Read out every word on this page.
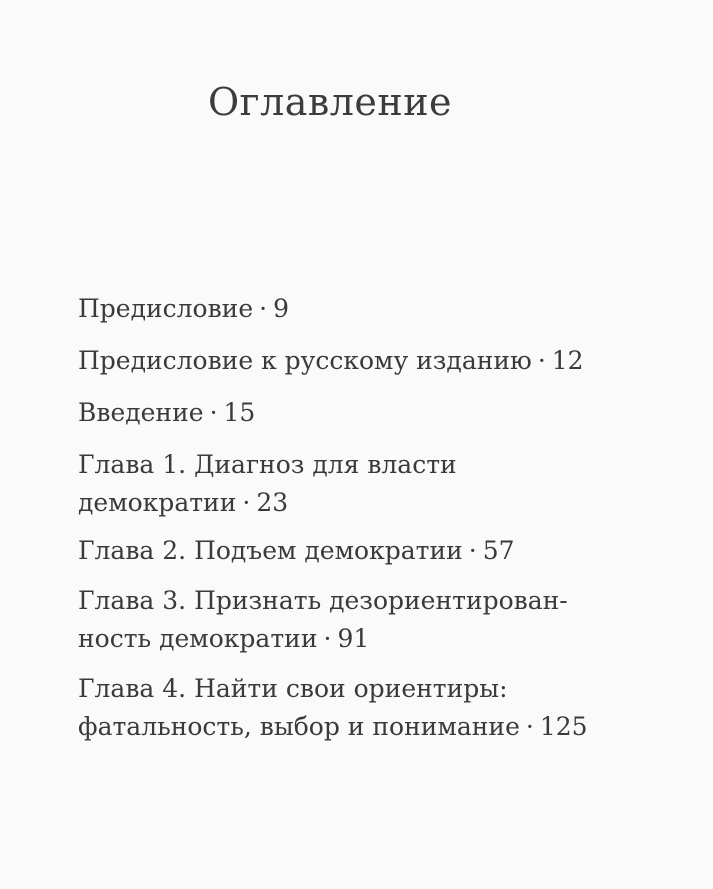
Оглавление
Предисловие · 9
Предисловие к русскому изданию · 12
Введение · 15
Глава 1. Диагноз для власти
демократии · 23
Глава 2. Подъем демократии · 57
Глава 3. Признать дезориентирован-
ность демократии · 91
Глава 4. Найти свои ориентиры:
фатальность, выбор и понимание · 125
